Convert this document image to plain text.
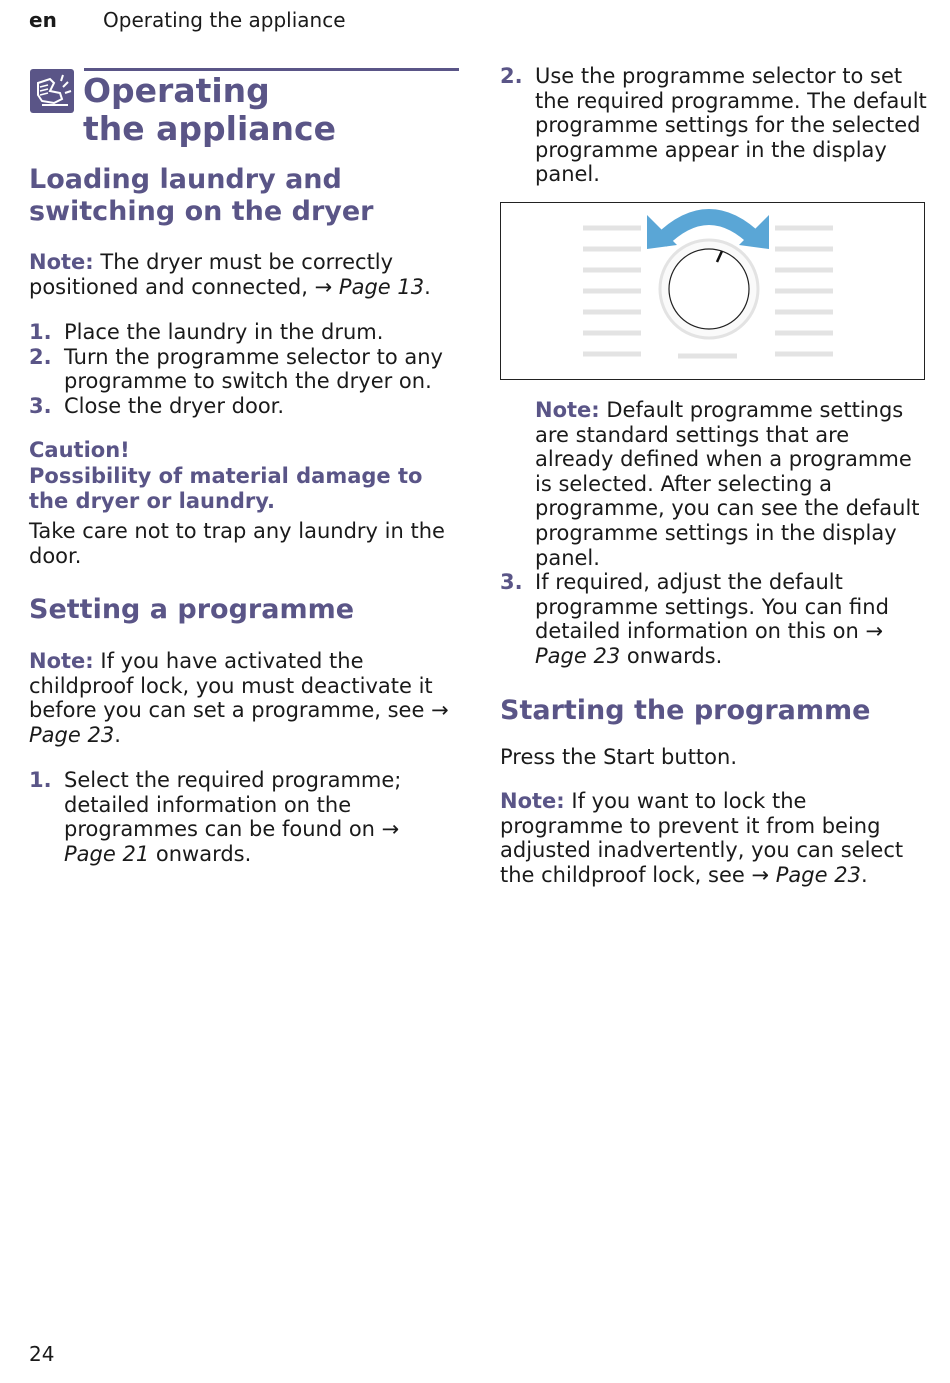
en Operating the appliance
Operating
the appliance
Loading laundry and
switching on the dryer
Note: The dryer must be correctly positioned and connected, → Page 13.
1. Place the laundry in the drum.
2. Turn the programme selector to any programme to switch the dryer on.
3. Close the dryer door.
Caution!
Possibility of material damage to the dryer or laundry.
Take care not to trap any laundry in the door.
Setting a programme
Note: If you have activated the childproof lock, you must deactivate it before you can set a programme, see → Page 23.
1. Select the required programme; detailed information on the programmes can be found on → Page 21 onwards.
2. Use the programme selector to set the required programme. The default programme settings for the selected programme appear in the display panel.
Note: Default programme settings are standard settings that are already defined when a programme is selected. After selecting a programme, you can see the default programme settings in the display panel.
3. If required, adjust the default programme settings. You can find detailed information on this on → Page 23 onwards.
Starting the programme
Press the Start button.
Note: If you want to lock the programme to prevent it from being adjusted inadvertently, you can select the childproof lock, see → Page 23.
24
